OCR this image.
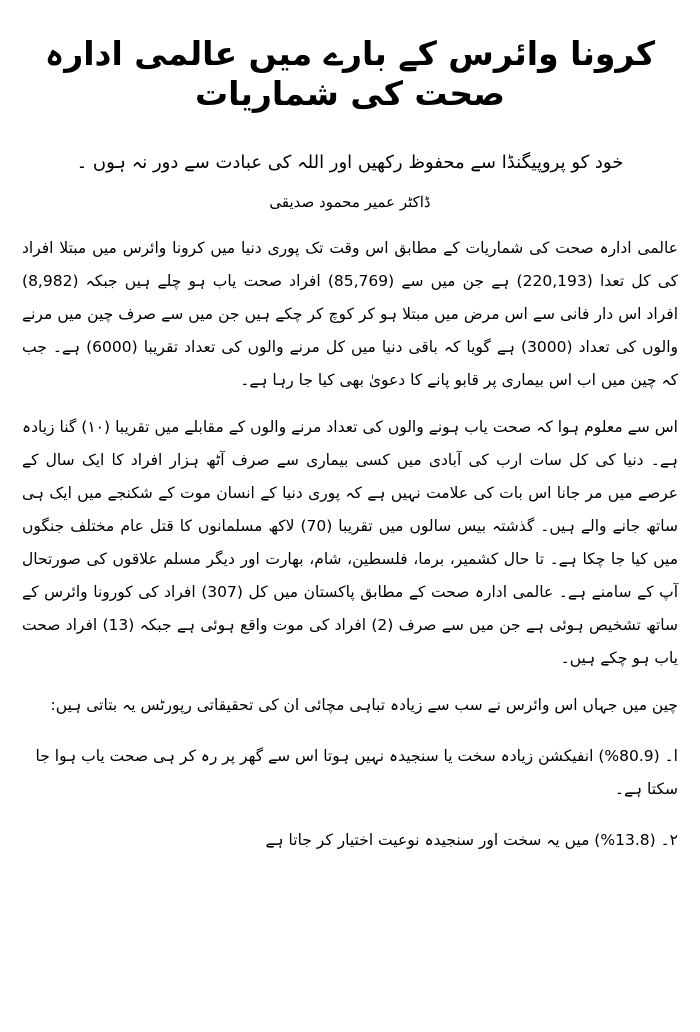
کرونا وائرس کے بارے میں عالمی ادارہ صحت کی شماریات
خود کو پروپیگنڈا سے محفوظ رکھیں اور اللہ کی عبادت سے دور نہ ہوں ۔
ڈاکٹر عمیر محمود صدیقی

عالمی ادارہ صحت کی شماریات کے مطابق اس وقت تک پوری دنیا میں کرونا وائرس میں مبتلا افراد کی کل تعدا (220,193) ہے جن میں سے (85,769) افراد صحت یاب ہو چلے ہیں جبکہ (8,982) افراد اس دار فانی سے اس مرض میں مبتلا ہو کر کوچ کر چکے ہیں جن میں سے صرف چین میں مرنے والوں کی تعداد (3000) ہے گویا کہ باقی دنیا میں کل مرنے والوں کی تعداد تقریبا (6000) ہے۔ جب کہ چین میں اب اس بیماری پر قابو پانے کا دعویٰ بھی کیا جا رہا ہے۔

اس سے معلوم ہوا کہ صحت یاب ہونے والوں کی تعداد مرنے والوں کے مقابلے میں تقریبا (۱۰) گنا زیادہ ہے۔ دنیا کی کل سات ارب کی آبادی میں کسی بیماری سے صرف آٹھ ہزار افراد کا ایک سال کے عرصے میں مر جانا اس بات کی علامت نہیں ہے کہ پوری دنیا کے انسان موت کے شکنجے میں ایک ہی ساتھ جانے والے ہیں۔ گذشتہ بیس سالوں میں تقریبا (70) لاکھ مسلمانوں کا قتل عام مختلف جنگوں میں کیا جا چکا ہے۔ تا حال کشمیر، برما، فلسطین، شام، بھارت اور دیگر مسلم علاقوں کی صورتحال آپ کے سامنے ہے۔ عالمی ادارہ صحت کے مطابق پاکستان میں کل (307) افراد کی کورونا وائرس کے ساتھ تشخیص ہوئی ہے جن میں سے صرف (2) افراد کی موت واقع ہوئی ہے جبکہ (13) افراد صحت یاب ہو چکے ہیں۔

چین میں جہاں اس وائرس نے سب سے زیادہ تباہی مچائی ان کی تحقیقاتی رپورٹس یہ بتاتی ہیں:
ا۔ (80.9%) انفیکشن زیادہ سخت یا سنجیدہ نہیں ہوتا اس سے گھر پر رہ کر ہی صحت یاب ہوا جا سکتا ہے۔
۲۔ (13.8%) میں یہ سخت اور سنجیدہ نوعیت اختیار کر جاتا ہے
